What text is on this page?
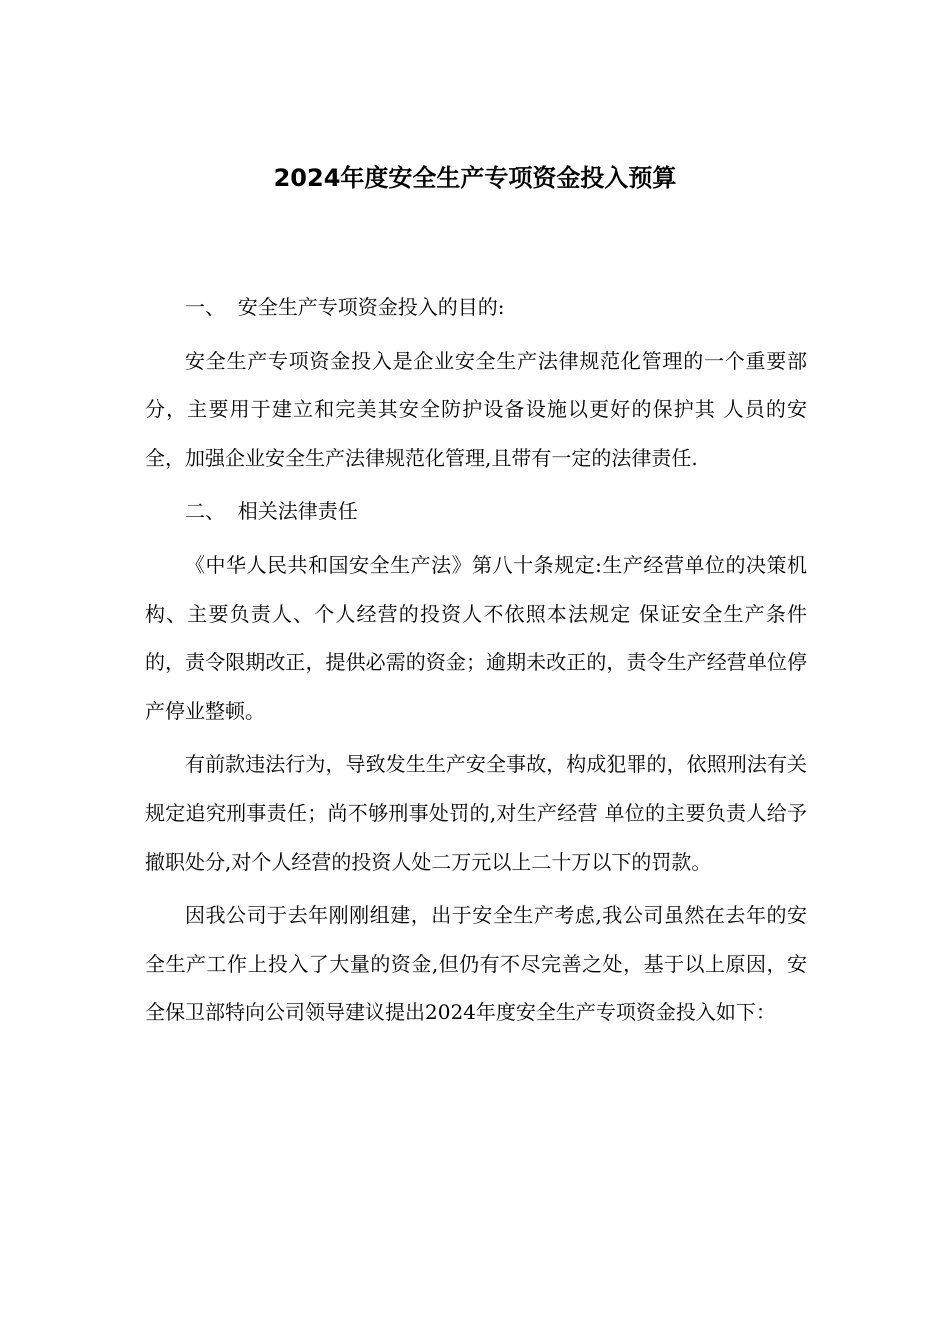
2024年度安全生产专项资金投入预算

一、  安全生产专项资金投入的目的:

安全生产专项资金投入是企业安全生产法律规范化管理的一个重要部分，主要用于建立和完美其安全防护设备设施以更好的保护其 人员的安全，加强企业安全生产法律规范化管理,且带有一定的法律责任.

二、  相关法律责任

《中华人民共和国安全生产法》第八十条规定:生产经营单位的决策机构、主要负责人、个人经营的投资人不依照本法规定 保证安全生产条件的，责令限期改正，提供必需的资金；逾期未改正的，责令生产经营单位停产停业整顿。

有前款违法行为，导致发生生产安全事故，构成犯罪的，依照刑法有关规定追究刑事责任；尚不够刑事处罚的,对生产经营 单位的主要负责人给予撤职处分,对个人经营的投资人处二万元以上二十万以下的罚款。

因我公司于去年刚刚组建，出于安全生产考虑,我公司虽然在去年的安全生产工作上投入了大量的资金,但仍有不尽完善之处，基于以上原因，安全保卫部特向公司领导建议提出2024年度安全生产专项资金投入如下：
